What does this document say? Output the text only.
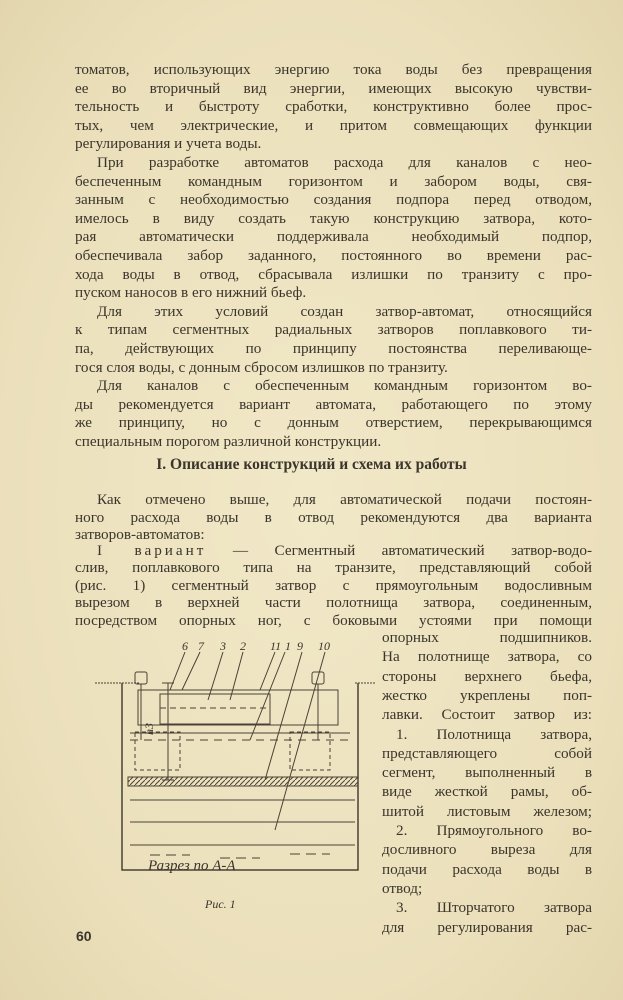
томатов, использующих энергию тока воды без превращения
ее во вторичный вид энергии, имеющих высокую чувстви-
тельность и быстроту сработки, конструктивно более прос-
тых, чем электрические, и притом совмещающих функции
регулирования и учета воды.
При разработке автоматов расхода для каналов с нео-
беспеченным командным горизонтом и забором воды, свя-
занным с необходимостью создания подпора перед отводом,
имелось в виду создать такую конструкцию затвора, кото-
рая автоматически поддерживала необходимый подпор,
обеспечивала забор заданного, постоянного во времени рас-
хода воды в отвод, сбрасывала излишки по транзиту с про-
пуском наносов в его нижний бьеф.
Для этих условий создан затвор-автомат, относящийся
к типам сегментных радиальных затворов поплавкового ти-
па, действующих по принципу постоянства переливающе-
гося слоя воды, с донным сбросом излишков по транзиту.
Для каналов с обеспеченным командным горизонтом во-
ды рекомендуется вариант автомата, работающего по этому
же принципу, но с донным отверстием, перекрывающимся
специальным порогом различной конструкции.
I. Описание конструкций и схема их работы
Как отмечено выше, для автоматической подачи постоян-
ного расхода воды в отвод рекомендуются два варианта
затворов-автоматов:
слив, поплавкового типа на транзите, представляющий собой
(рис. 1) сегментный затвор с прямоугольным водосливным
вырезом в верхней части полотнища затвора, соединенным,
посредством опорных ног, с боковыми устоями при помощи
I вариант — Сегментный автоматический затвор-водо-
опорных подшипников.
На полотнище затвора, со
стороны верхнего бьефа,
жестко укреплены поп-
лавки. Состоит затвор из:
1. Полотнища затвора,
представляющего собой
сегмент, выполненный в
виде жесткой рамы, об-
шитой листовым железом;
2. Прямоугольного во-
досливного выреза для
подачи расхода воды в
отвод;
3. Шторчатого затвора
для регулирования рас-
6 7 3 2 11 1 9 10
h3
Разрез по А-А
Рис. 1
60
